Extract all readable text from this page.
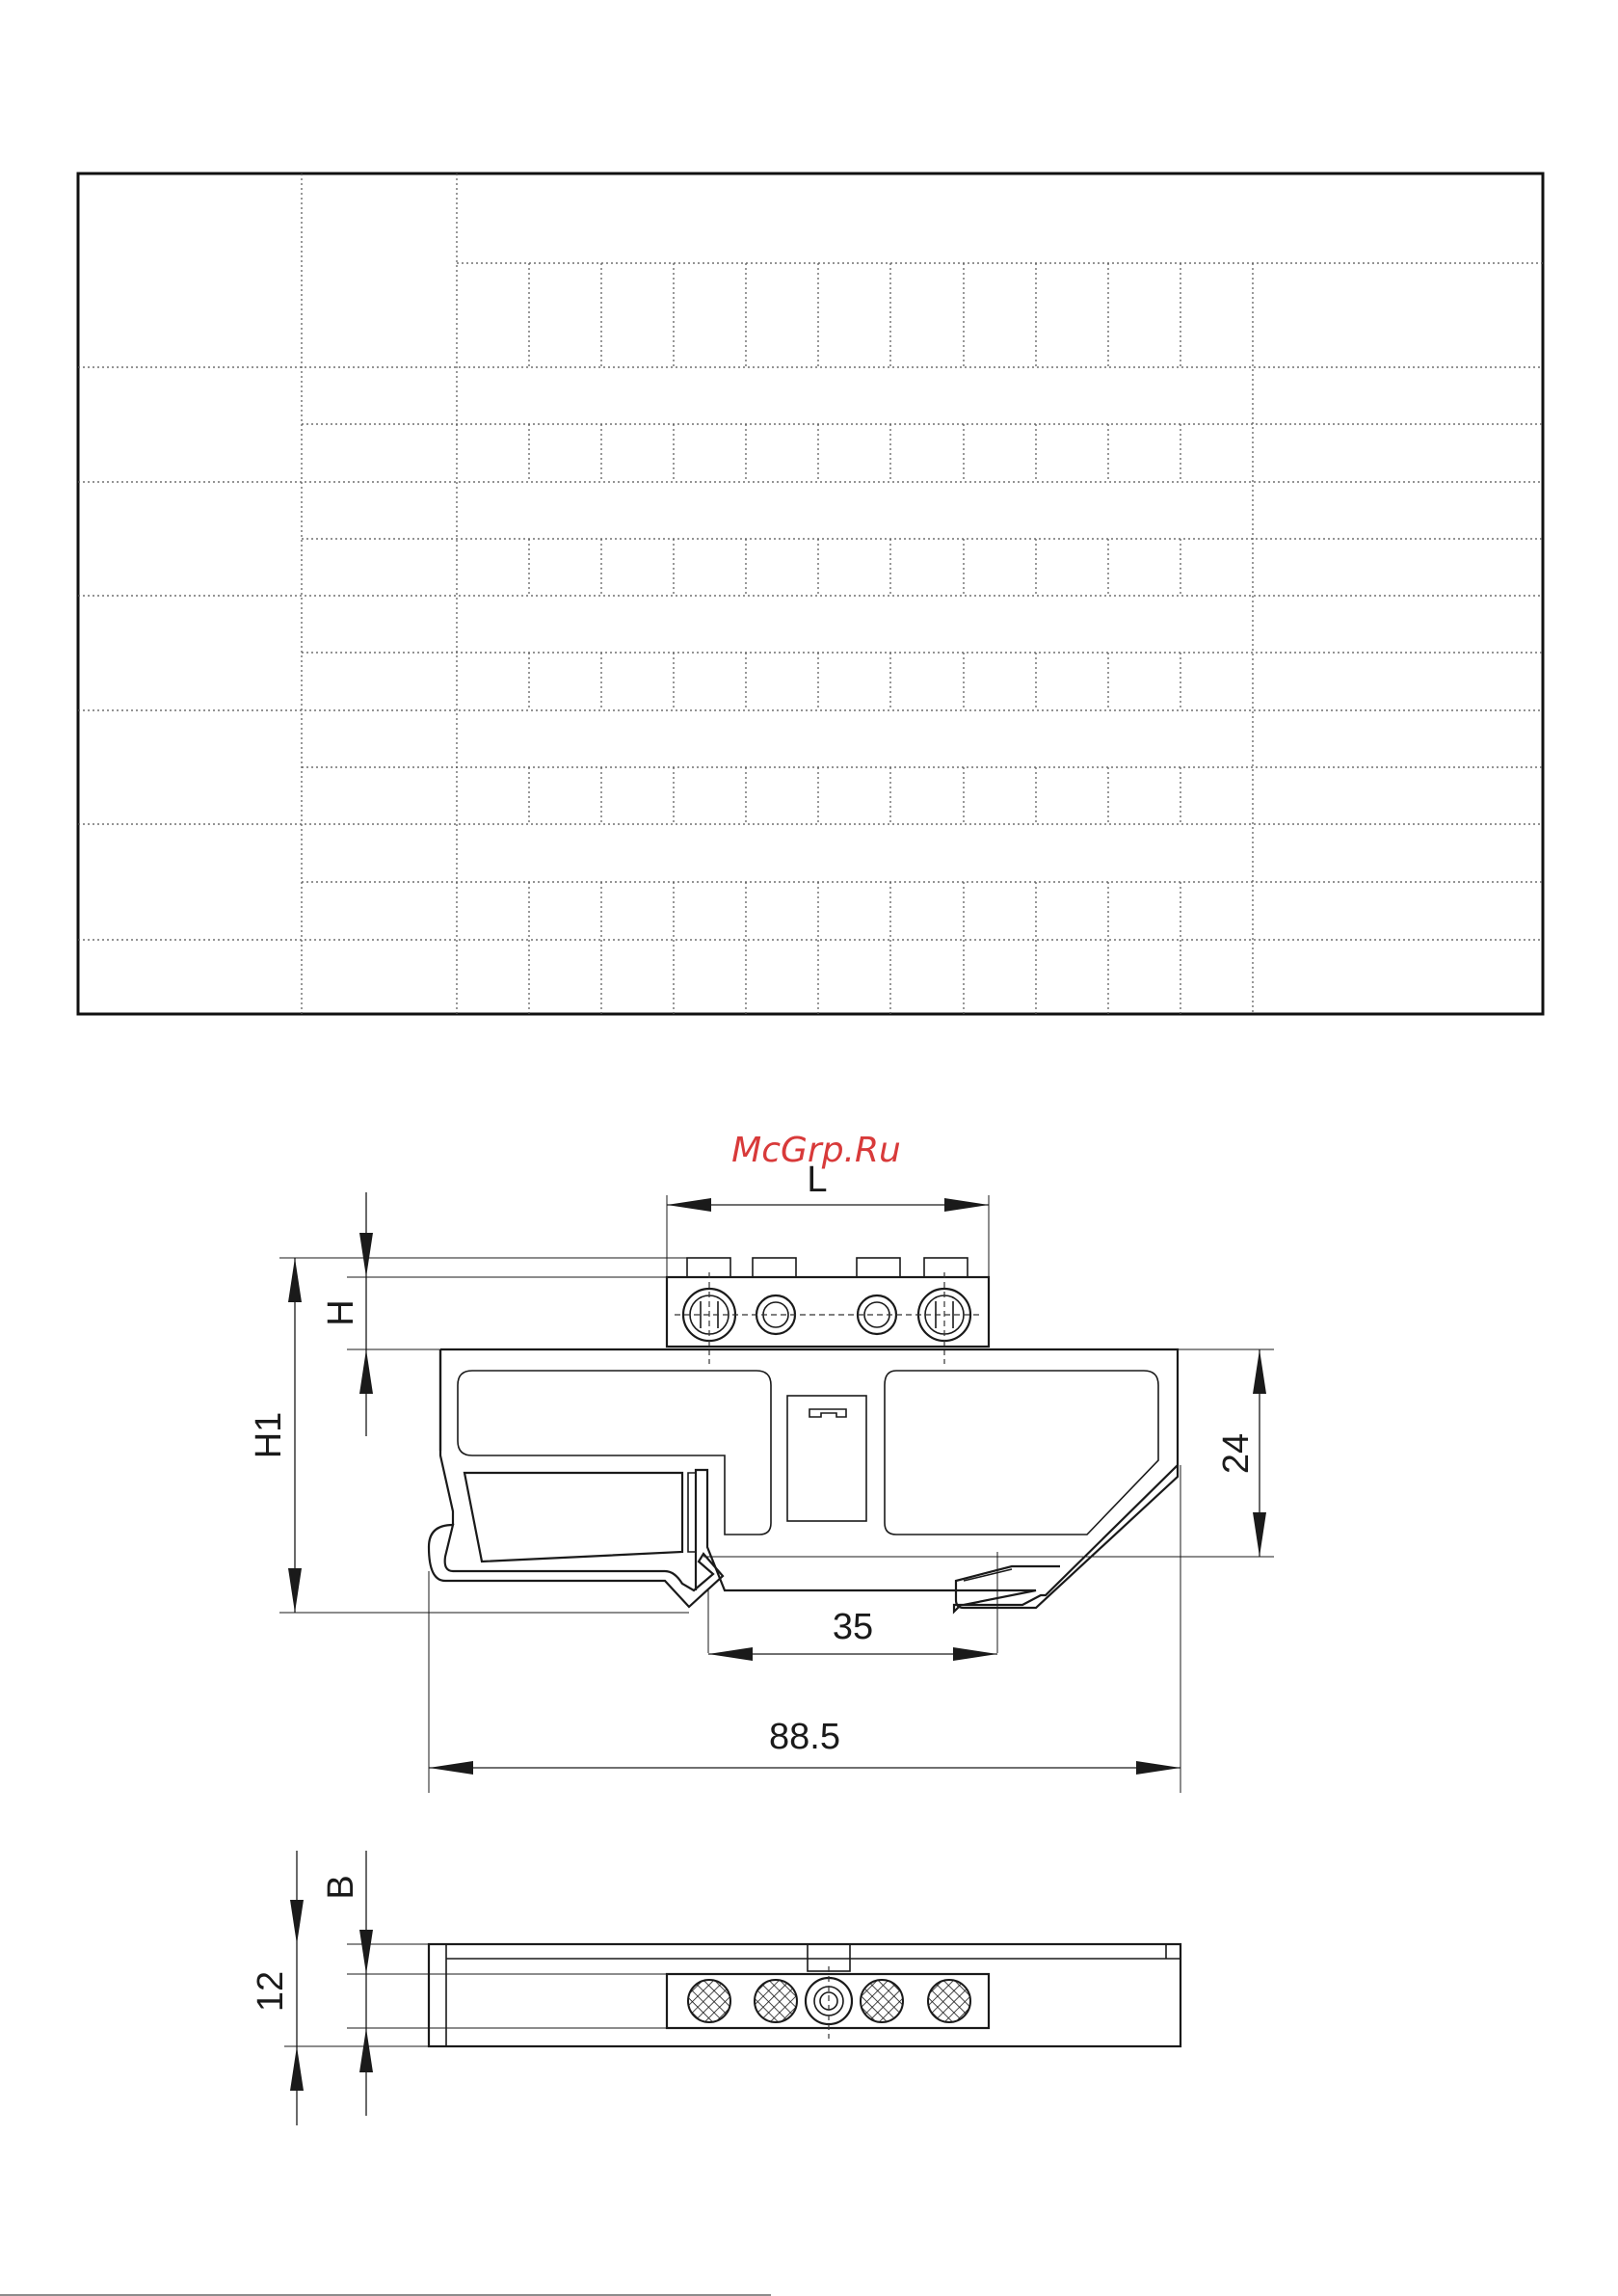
McGrp.Ru
L
H
H1	24
35
88.5
B
12
